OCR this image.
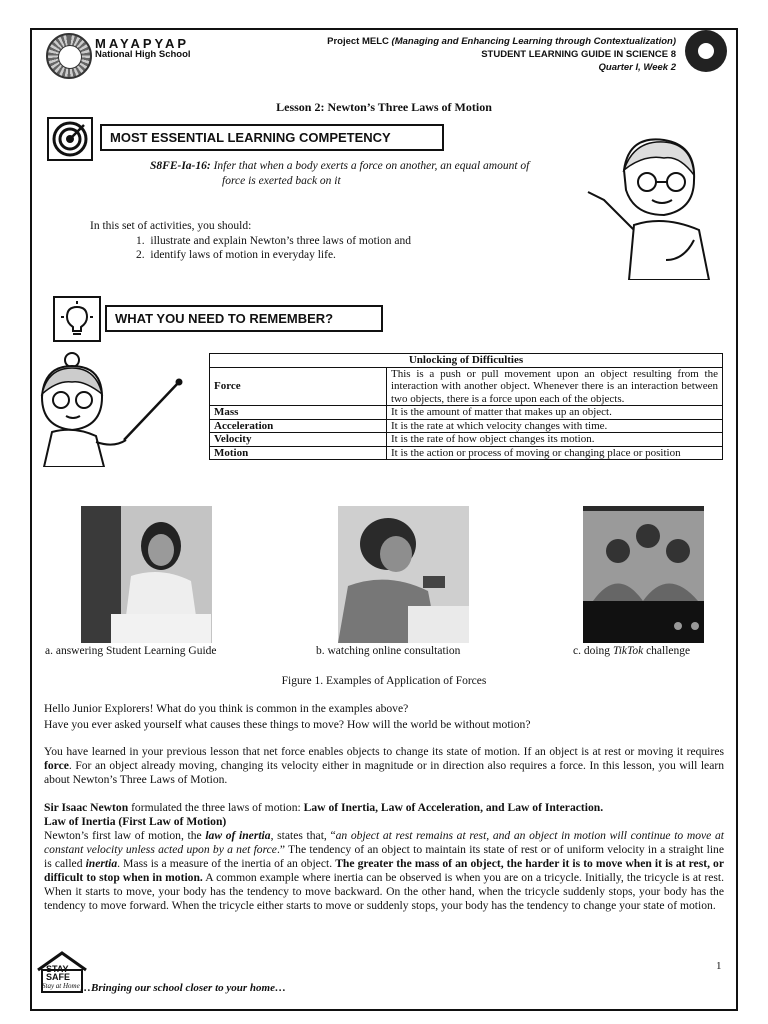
MAYAPYAP
National High School
Project MELC (Managing and Enhancing Learning through Contextualization)
STUDENT LEARNING GUIDE IN SCIENCE 8
Quarter I, Week 2
Lesson 2: Newton’s Three Laws of Motion
MOST ESSENTIAL LEARNING COMPETENCY
S8FE-Ia-16: Infer that when a body exerts a force on another, an equal amount of
force is exerted back on it
In this set of activities, you should:
1.  illustrate and explain Newton’s three laws of motion and
2.  identify laws of motion in everyday life.
WHAT YOU NEED TO REMEMBER?
Unlocking of Difficulties	
Force	This is a push or pull movement upon an object resulting from the interaction with another object. Whenever there is an interaction between two objects, there is a force upon each of the objects.
Mass	It is the amount of matter that makes up an object.
Acceleration	It is the rate at which velocity changes with time.
Velocity	It is the rate of how object changes its motion.
Motion	It is the action or process of moving or changing place or position
a. answering Student Learning Guide	b. watching online consultation	c. doing TikTok challenge
Figure 1. Examples of Application of Forces
Hello Junior Explorers! What do you think is common in the examples above?
Have you ever asked yourself what causes these things to move? How will the world be without motion?
You have learned in your previous lesson that net force enables objects to change its state of motion. If an object is at rest or moving it requires force. For an object already moving, changing its velocity either in magnitude or in direction also requires a force. In this lesson, you will learn about Newton’s Three Laws of Motion.
Sir Isaac Newton formulated the three laws of motion: Law of Inertia, Law of Acceleration, and Law of Interaction.
Law of Inertia (First Law of Motion)
Newton’s first law of motion, the law of inertia, states that, “an object at rest remains at rest, and an object in motion will continue to move at constant velocity unless acted upon by a net force.” The tendency of an object to maintain its state of rest or of uniform velocity in a straight line is called inertia. Mass is a measure of the inertia of an object. The greater the mass of an object, the harder it is to move when it is at rest, or difficult to stop when in motion. A common example where inertia can be observed is when you are on a tricycle. Initially, the tricycle is at rest. When it starts to move, your body has the tendency to move backward. On the other hand, when the tricycle suddenly stops, your body has the tendency to move forward. When the tricycle either starts to move or suddenly stops, your body has the tendency to change your state of motion.
STAY
SAFE
Stay at Home …Bringing our school closer to your home…
1
